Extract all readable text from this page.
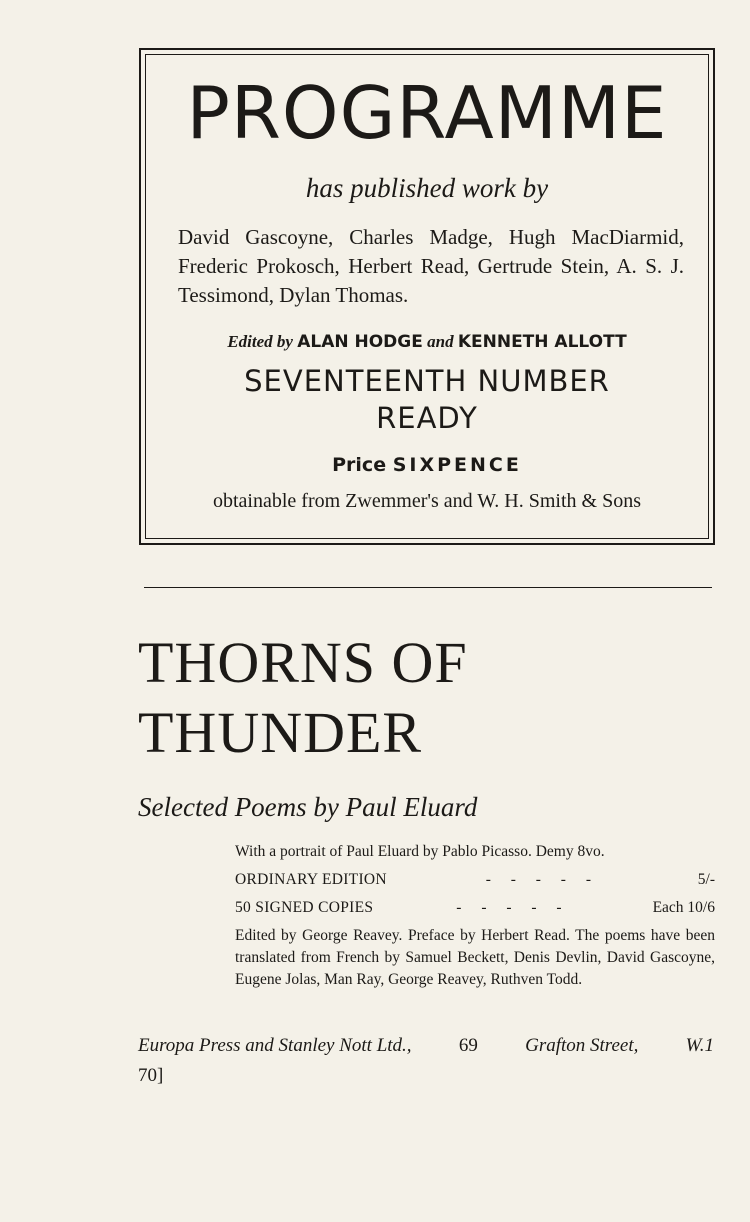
PROGRAMME
has published work by
David Gascoyne, Charles Madge, Hugh MacDiarmid, Frederic Prokosch, Herbert Read, Gertrude Stein, A. S. J. Tessimond, Dylan Thomas.
Edited by ALAN HODGE and KENNETH ALLOTT
SEVENTEENTH NUMBER
READY
Price SIXPENCE
obtainable from Zwemmer's and W. H. Smith & Sons
THORNS OF
THUNDER
Selected Poems by Paul Eluard
With a portrait of Paul Eluard by Pablo Picasso. Demy 8vo.
ORDINARY EDITION	- - - - -	5/-
50 SIGNED COPIES	- - - - -	Each 10/6
Edited by George Reavey. Preface by Herbert Read. The poems have been translated from French by Samuel Beckett, Denis Devlin, David Gascoyne, Eugene Jolas, Man Ray, George Reavey, Ruthven Todd.
Europa Press and Stanley Nott Ltd., 69 Grafton Street, W.1
70]
